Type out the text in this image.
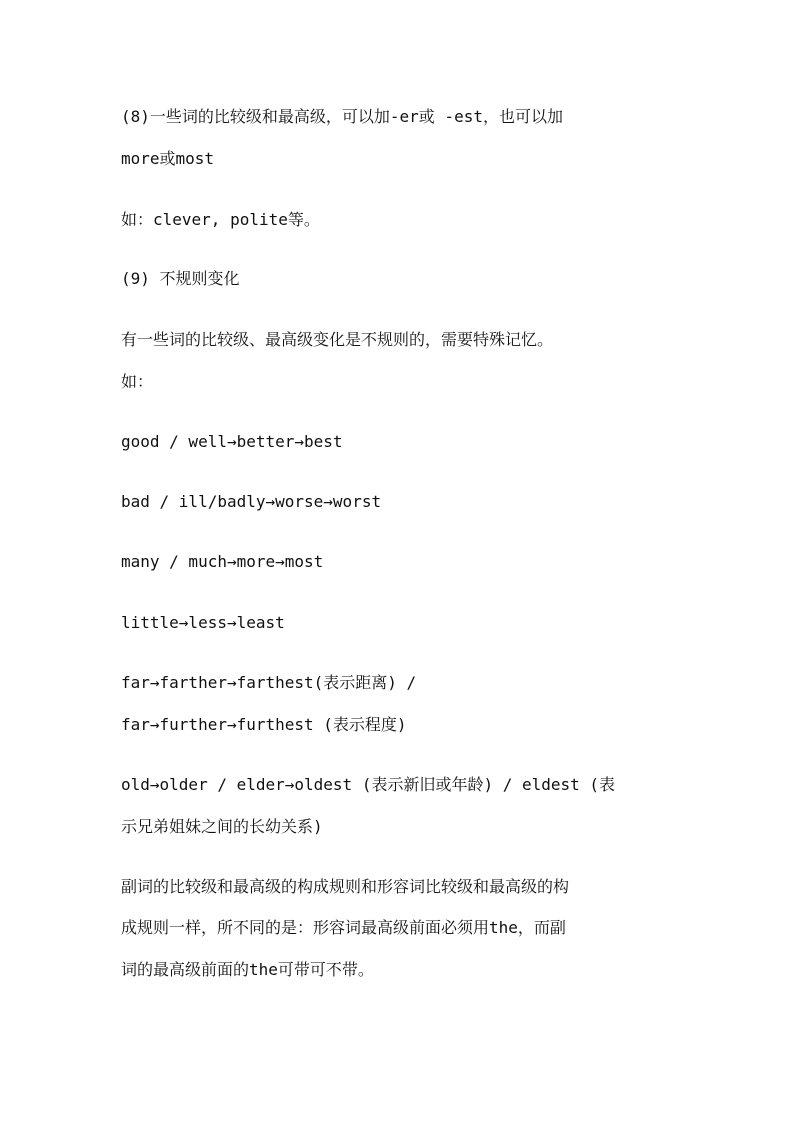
(8)一些词的比较级和最高级，可以加-er或 -est，也可以加
more或most
如：clever, polite等。
(9) 不规则变化
有一些词的比较级、最高级变化是不规则的，需要特殊记忆。
如：
good / well→better→best
bad / ill/badly→worse→worst
many / much→more→most
little→less→least
far→farther→farthest(表示距离) /
far→further→furthest (表示程度)
old→older / elder→oldest (表示新旧或年龄) / eldest (表
示兄弟姐妹之间的长幼关系)
副词的比较级和最高级的构成规则和形容词比较级和最高级的构
成规则一样，所不同的是：形容词最高级前面必须用the，而副
词的最高级前面的the可带可不带。
